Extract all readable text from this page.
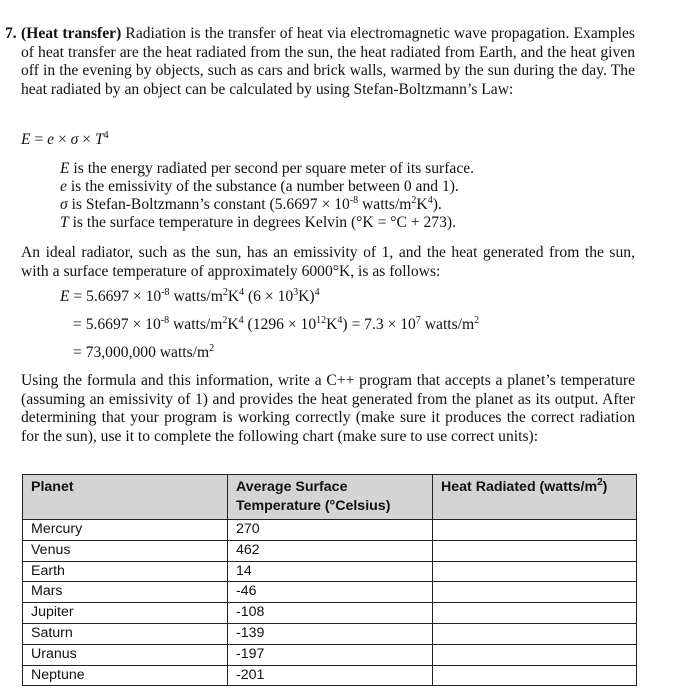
7. (Heat transfer) Radiation is the transfer of heat via electromagnetic wave propagation. Examples of heat transfer are the heat radiated from the sun, the heat radiated from Earth, and the heat given off in the evening by objects, such as cars and brick walls, warmed by the sun during the day. The heat radiated by an object can be calculated by using Stefan-Boltzmann’s Law:
$E = e \times \sigma \times T^4$
E is the energy radiated per second per square meter of its surface.
e is the emissivity of the substance (a number between 0 and 1).
σ is Stefan-Boltzmann’s constant ($5.6697 \times 10^{-8}$ watts/$m^2K^4$).
T is the surface temperature in degrees Kelvin (°K = °C + 273).
An ideal radiator, such as the sun, has an emissivity of 1, and the heat generated from the sun, with a surface temperature of approximately 6000°K, is as follows:
$E = 5.6697 \times 10^{-8}$ watts/$m^2K^4$ $(6 \times 10^3K)^4$
= $5.6697 \times 10^{-8}$ watts/$m^2K^4$ $(1296 \times 10^{12}K^4) = 7.3 \times 10^7$ watts/$m^2$
= 73,000,000 watts/$m^2$
Using the formula and this information, write a C++ program that accepts a planet’s temperature (assuming an emissivity of 1) and provides the heat generated from the planet as its output. After determining that your program is working correctly (make sure it produces the correct radiation for the sun), use it to complete the following chart (make sure to use correct units):
Planet	Average Surface Temperature (°Celsius)	Heat Radiated $(watts/m^2)$
Mercury	270	
Venus	462	
Earth	14	
Mars	-46	
Jupiter	-108	
Saturn	-139	
Uranus	-197	
Neptune	-201	
